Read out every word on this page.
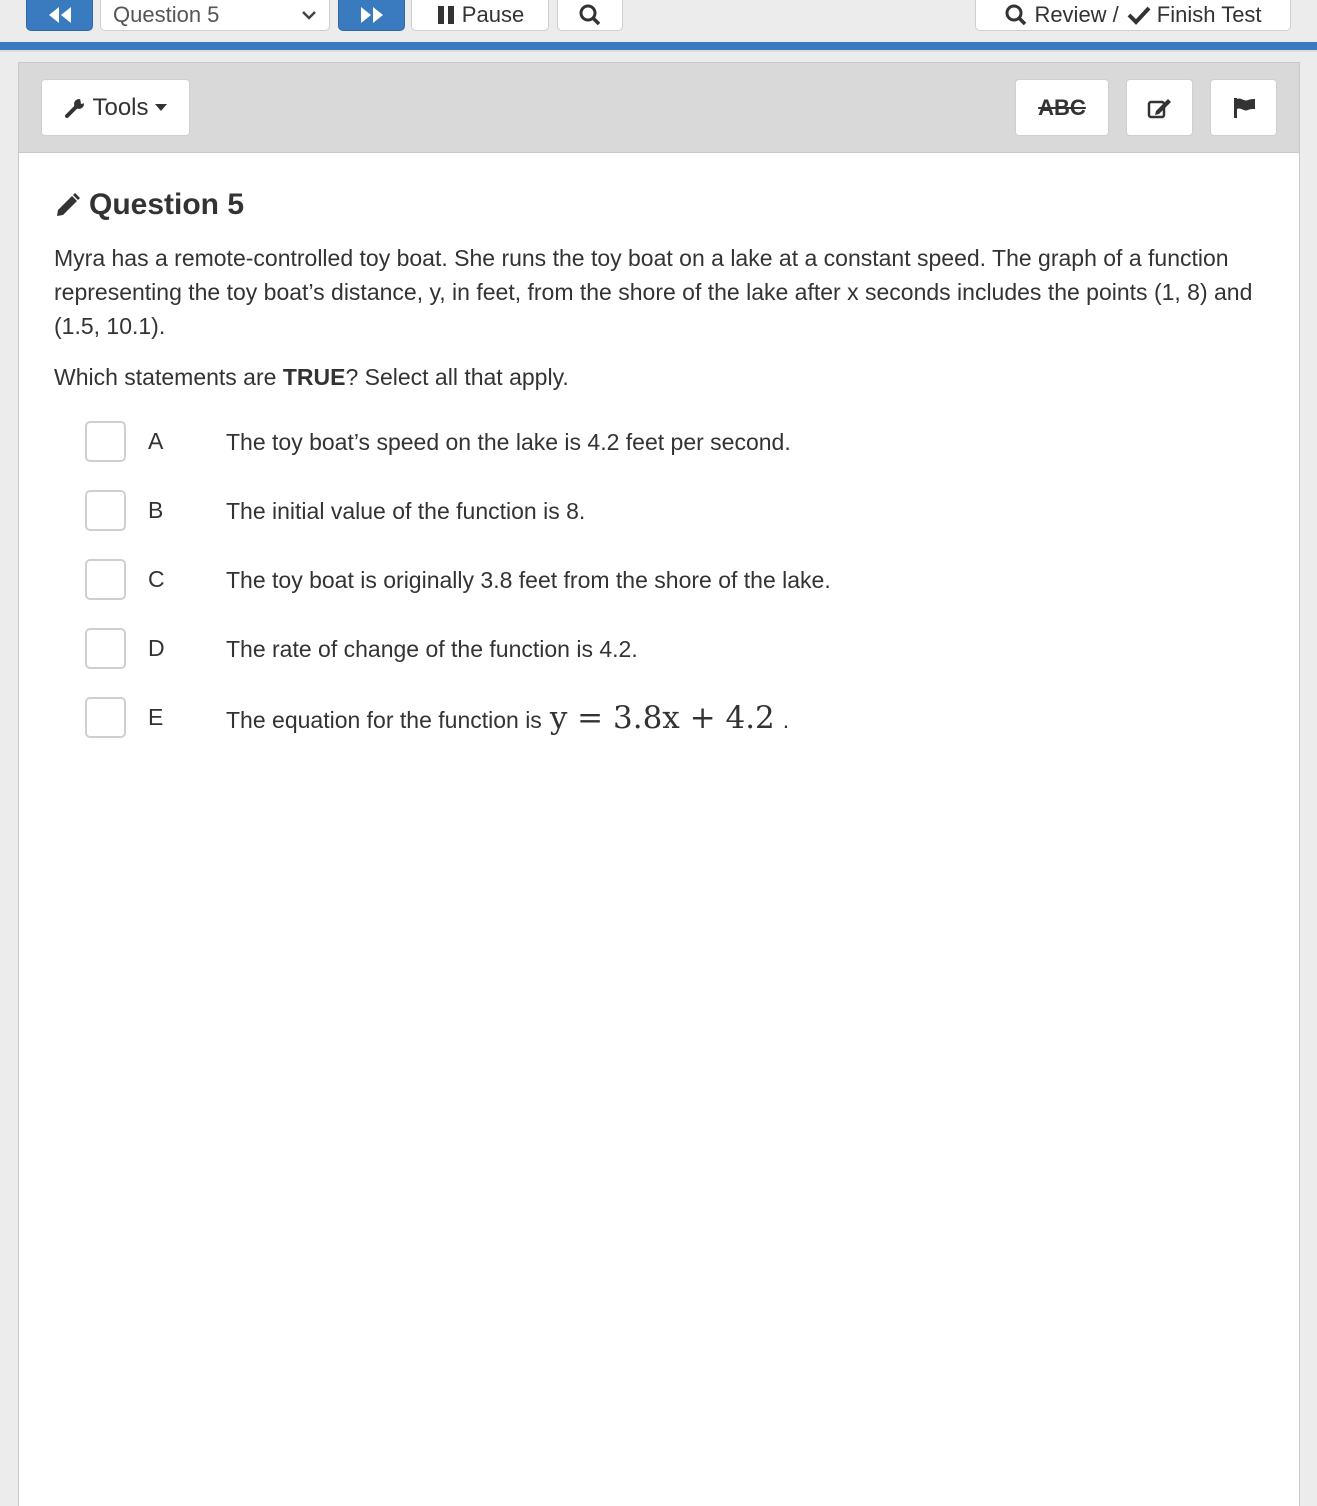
Question 5	Pause	Review / Finish Test
Tools	ABC
Question 5

Myra has a remote-controlled toy boat. She runs the toy boat on a lake at a constant speed. The graph of a function representing the toy boat’s distance, y, in feet, from the shore of the lake after x seconds includes the points (1, 8) and (1.5, 10.1).

Which statements are TRUE? Select all that apply.

A	The toy boat’s speed on the lake is 4.2 feet per second.
B	The initial value of the function is 8.
C	The toy boat is originally 3.8 feet from the shore of the lake.
D	The rate of change of the function is 4.2.
E	The equation for the function is y = 3.8x + 4.2 .
